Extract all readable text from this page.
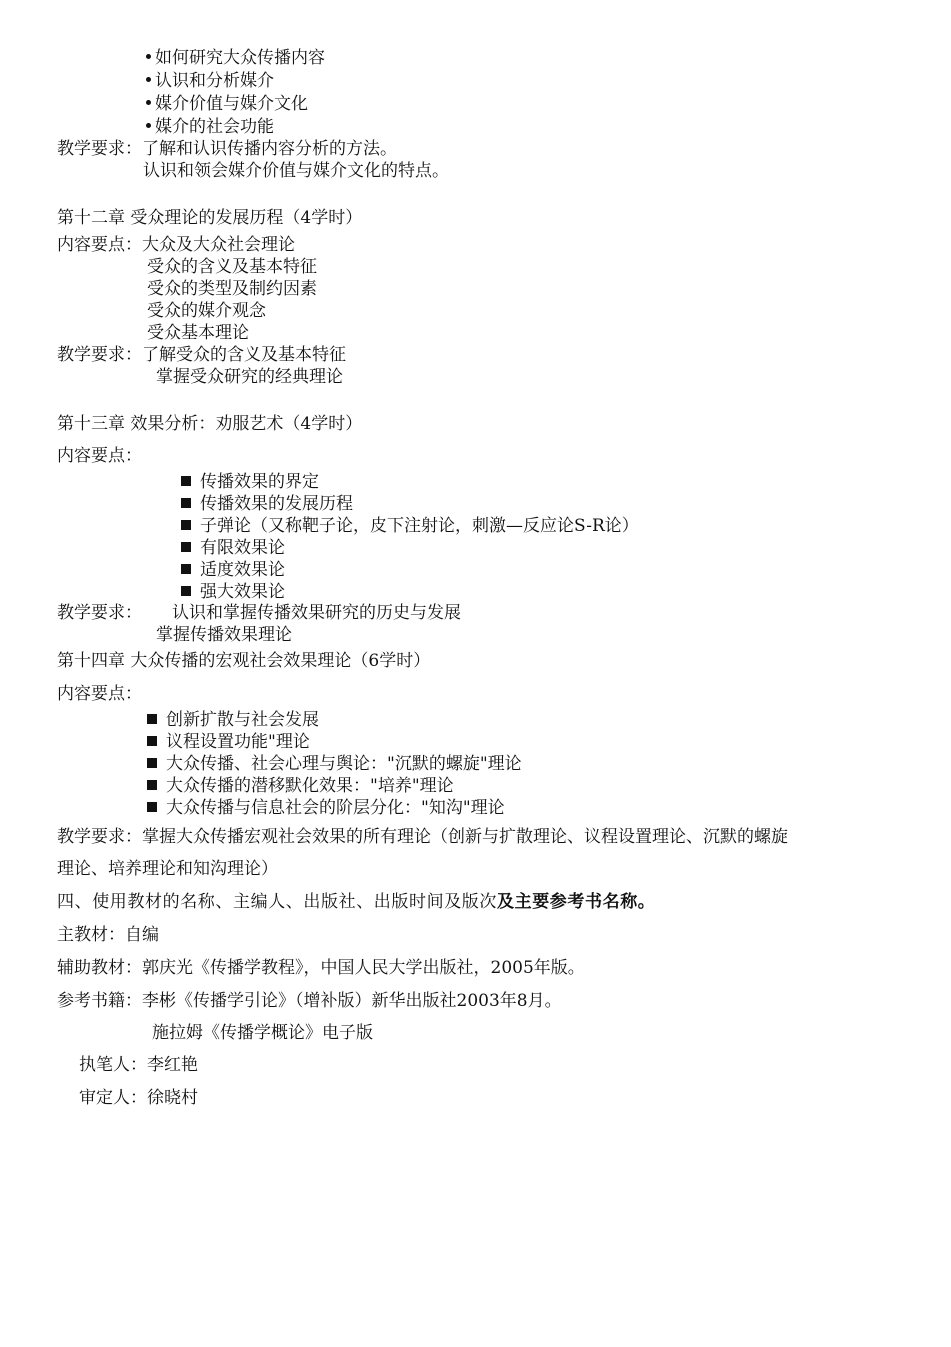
如何研究大众传播内容
认识和分析媒介
媒介价值与媒介文化
媒介的社会功能
教学要求：了解和认识传播内容分析的方法。
认识和领会媒介价值与媒介文化的特点。
第十二章 受众理论的发展历程（4学时）
内容要点：大众及大众社会理论
受众的含义及基本特征
受众的类型及制约因素
受众的媒介观念
受众基本理论
教学要求：了解受众的含义及基本特征
掌握受众研究的经典理论
第十三章 效果分析：劝服艺术（4学时）
内容要点：
传播效果的界定
传播效果的发展历程
子弹论（又称靶子论，皮下注射论，刺激—反应论S-R论）
有限效果论
适度效果论
强大效果论
教学要求： 认识和掌握传播效果研究的历史与发展
掌握传播效果理论
第十四章 大众传播的宏观社会效果理论（6学时）
内容要点：
创新扩散与社会发展
议程设置功能"理论
大众传播、社会心理与舆论："沉默的螺旋"理论
大众传播的潜移默化效果："培养"理论
大众传播与信息社会的阶层分化："知沟"理论
教学要求：掌握大众传播宏观社会效果的所有理论（创新与扩散理论、议程设置理论、沉默的螺旋
理论、培养理论和知沟理论）
四、使用教材的名称、主编人、出版社、出版时间及版次及主要参考书名称。
主教材：自编
辅助教材：郭庆光《传播学教程》，中国人民大学出版社，2005年版。
参考书籍：李彬《传播学引论》（增补版）新华出版社2003年8月。
施拉姆《传播学概论》电子版
执笔人：李红艳
审定人：徐晓村
